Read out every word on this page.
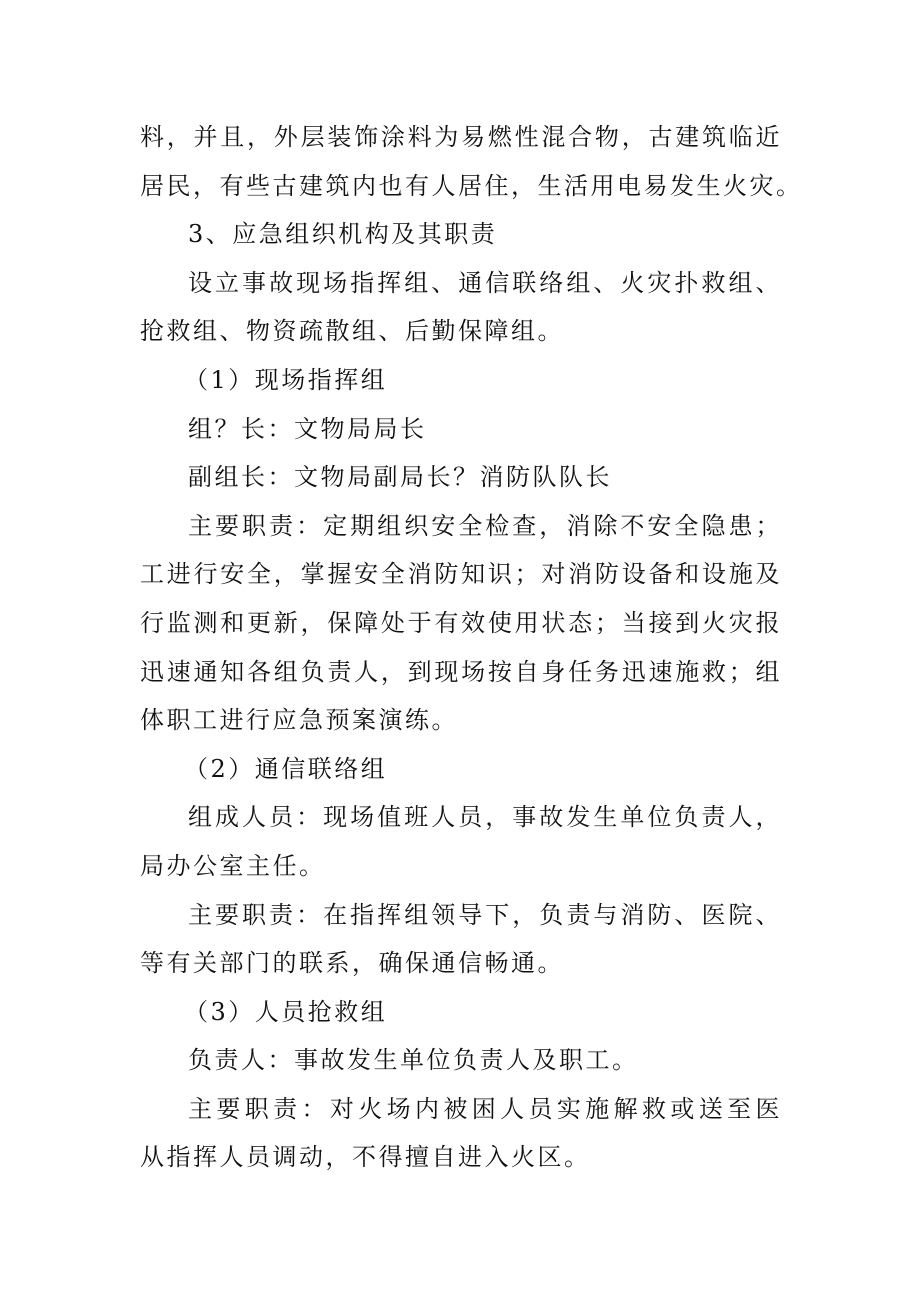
料，并且，外层装饰涂料为易燃性混合物，古建筑临近

居民，有些古建筑内也有人居住，生活用电易发生火灾。

3、应急组织机构及其职责

设立事故现场指挥组、通信联络组、火灾扑救组、

抢救组、物资疏散组、后勤保障组。

（1）现场指挥组

组？长：文物局局长

副组长：文物局副局长？消防队队长

主要职责：定期组织安全检查，消除不安全隐患；

工进行安全，掌握安全消防知识；对消防设备和设施及

行监测和更新，保障处于有效使用状态；当接到火灾报

迅速通知各组负责人，到现场按自身任务迅速施救；组

体职工进行应急预案演练。

（2）通信联络组

组成人员：现场值班人员，事故发生单位负责人，

局办公室主任。

主要职责：在指挥组领导下，负责与消防、医院、

等有关部门的联系，确保通信畅通。

（3）人员抢救组

负责人：事故发生单位负责人及职工。

主要职责：对火场内被困人员实施解救或送至医

从指挥人员调动，不得擅自进入火区。
